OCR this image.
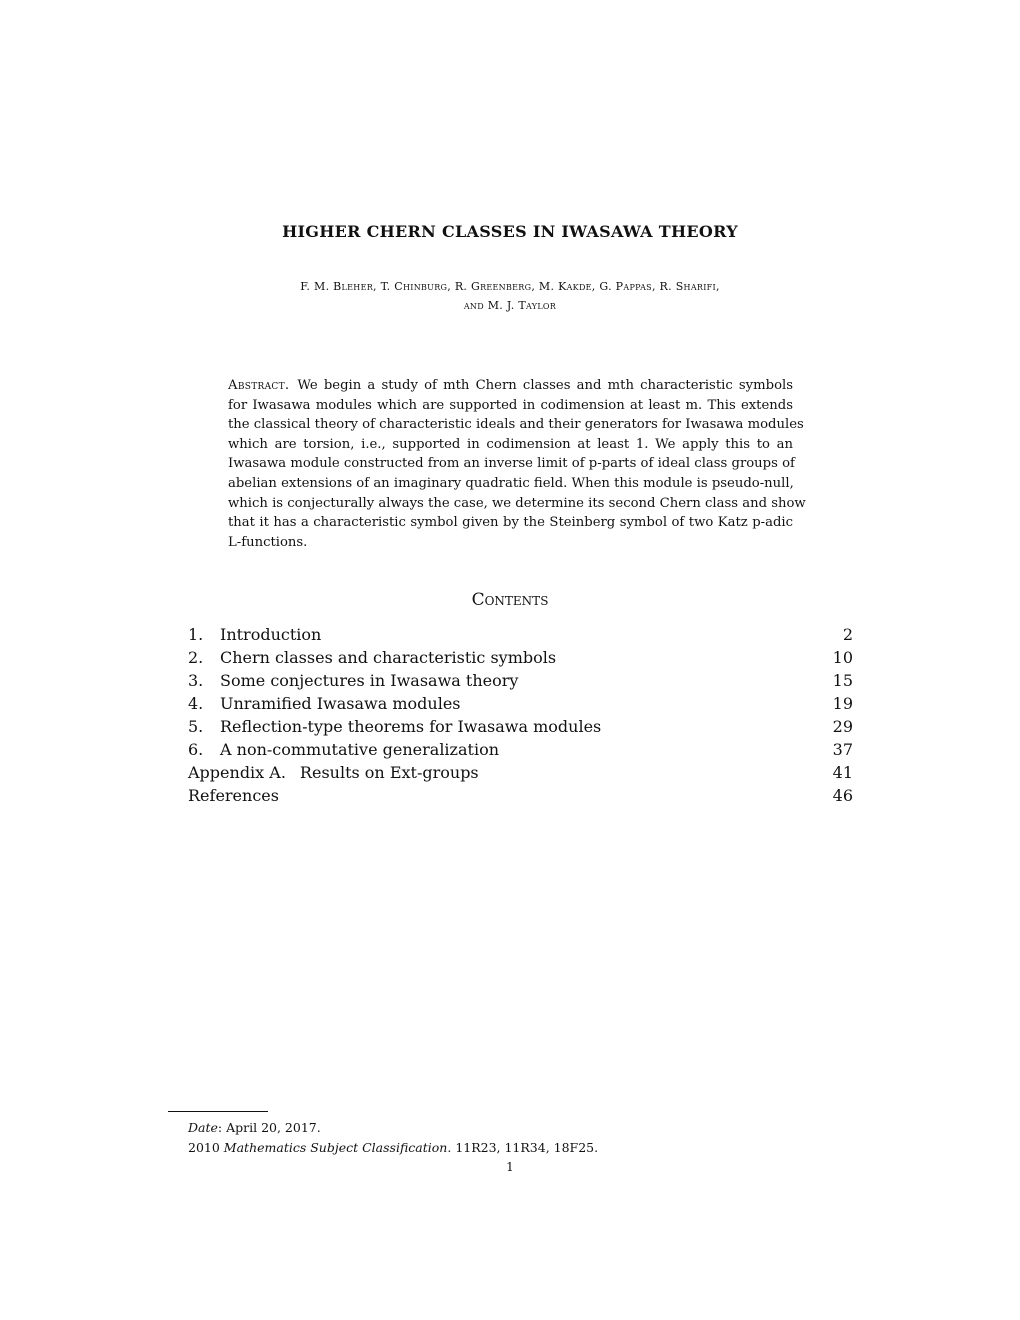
HIGHER CHERN CLASSES IN IWASAWA THEORY
F. M. Bleher, T. Chinburg, R. Greenberg, M. Kakde, G. Pappas, R. Sharifi,
and M. J. Taylor
Abstract. We begin a study of mth Chern classes and mth characteristic symbols
for Iwasawa modules which are supported in codimension at least m. This extends
the classical theory of characteristic ideals and their generators for Iwasawa modules
which are torsion, i.e., supported in codimension at least 1. We apply this to an
Iwasawa module constructed from an inverse limit of p-parts of ideal class groups of
abelian extensions of an imaginary quadratic field. When this module is pseudo-null,
which is conjecturally always the case, we determine its second Chern class and show
that it has a characteristic symbol given by the Steinberg symbol of two Katz p-adic
L-functions.
Contents
1. Introduction	2
2. Chern classes and characteristic symbols	10
3. Some conjectures in Iwasawa theory	15
4. Unramified Iwasawa modules	19
5. Reflection-type theorems for Iwasawa modules	29
6. A non-commutative generalization	37
Appendix A. Results on Ext-groups	41
References	46
Date: April 20, 2017.
2010 Mathematics Subject Classification. 11R23, 11R34, 18F25.
1
